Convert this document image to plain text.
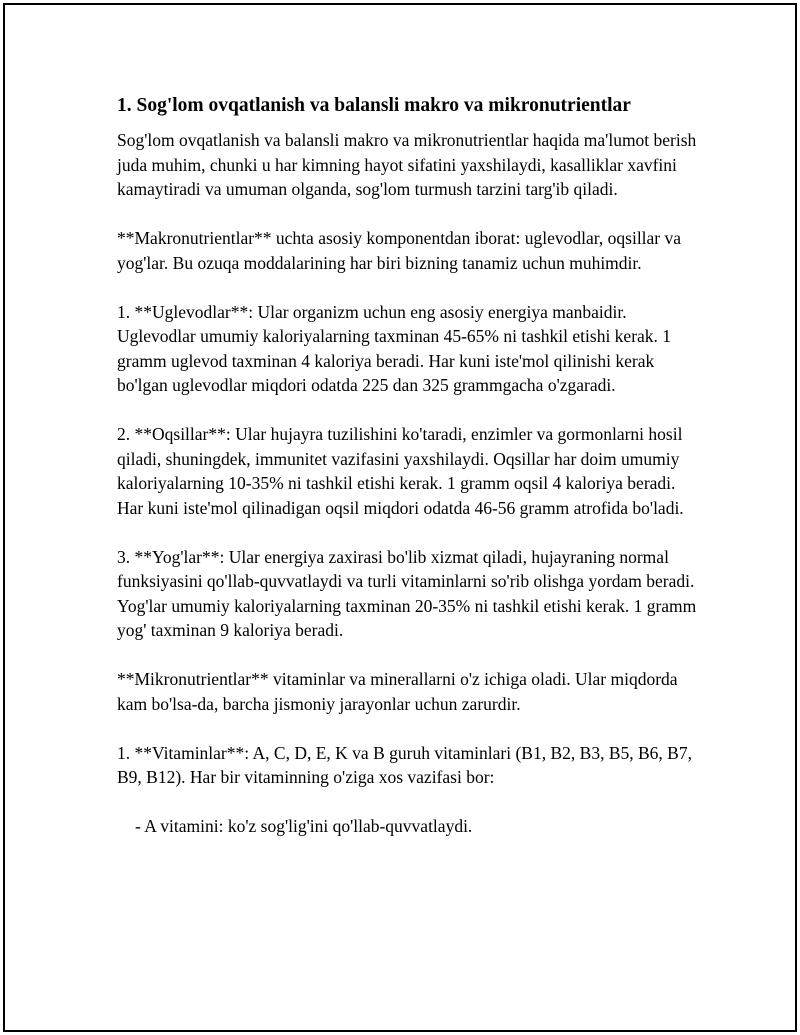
1. Sog'lom ovqatlanish va balansli makro va mikronutrientlar

Sog'lom ovqatlanish va balansli makro va mikronutrientlar haqida ma'lumot berish juda muhim, chunki u har kimning hayot sifatini yaxshilaydi, kasalliklar xavfini kamaytiradi va umuman olganda, sog'lom turmush tarzini targ'ib qiladi.

**Makronutrientlar** uchta asosiy komponentdan iborat: uglevodlar, oqsillar va yog'lar. Bu ozuqa moddalarining har biri bizning tanamiz uchun muhimdir.

1. **Uglevodlar**: Ular organizm uchun eng asosiy energiya manbaidir. Uglevodlar umumiy kaloriyalarning taxminan 45-65% ni tashkil etishi kerak. 1 gramm uglevod taxminan 4 kaloriya beradi. Har kuni iste'mol qilinishi kerak bo'lgan uglevodlar miqdori odatda 225 dan 325 grammgacha o'zgaradi.

2. **Oqsillar**: Ular hujayra tuzilishini ko'taradi, enzimler va gormonlarni hosil qiladi, shuningdek, immunitet vazifasini yaxshilaydi. Oqsillar har doim umumiy kaloriyalarning 10-35% ni tashkil etishi kerak. 1 gramm oqsil 4 kaloriya beradi. Har kuni iste'mol qilinadigan oqsil miqdori odatda 46-56 gramm atrofida bo'ladi.

3. **Yog'lar**: Ular energiya zaxirasi bo'lib xizmat qiladi, hujayraning normal funksiyasini qo'llab-quvvatlaydi va turli vitaminlarni so'rib olishga yordam beradi. Yog'lar umumiy kaloriyalarning taxminan 20-35% ni tashkil etishi kerak. 1 gramm yog' taxminan 9 kaloriya beradi.

**Mikronutrientlar** vitaminlar va minerallarni o'z ichiga oladi. Ular miqdorda kam bo'lsa-da, barcha jismoniy jarayonlar uchun zarurdir.

1. **Vitaminlar**: A, C, D, E, K va B guruh vitaminlari (B1, B2, B3, B5, B6, B7, B9, B12). Har bir vitaminning o'ziga xos vazifasi bor:

- A vitamini: ko'z sog'lig'ini qo'llab-quvvatlaydi.
